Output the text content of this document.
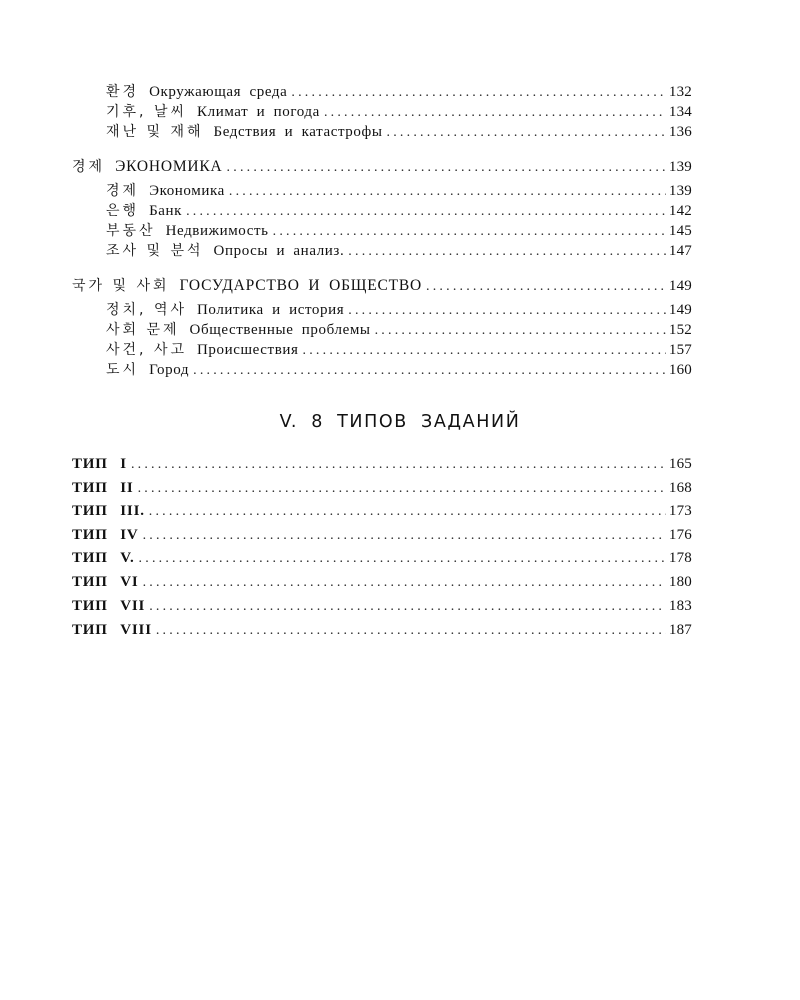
환경 Окружающая среда .....	132
기후, 날씨 Климат и погода .....	134
재난 및 재해 Бедствия и катастрофы .....	136
경제 ЭКОНОМИКА .....	139
경제 Экономика .....	139
은행 Банк .....	142
부동산 Недвижимость .....	145
조사 및 분석 Опросы и анализ. .....	147
국가 및 사회 ГОСУДАРСТВО И ОБЩЕСТВО .....	149
정치, 역사 Политика и история .....	149
사회 문제 Общественные проблемы .....	152
사건, 사고 Происшествия .....	157
도시 Город .....	160
V. 8 ТИПОВ ЗАДАНИЙ
ТИП I .....	165
ТИП II .....	168
ТИП III. .....	173
ТИП IV .....	176
ТИП V. .....	178
ТИП VI .....	180
ТИП VII .....	183
ТИП VIII .....	187
